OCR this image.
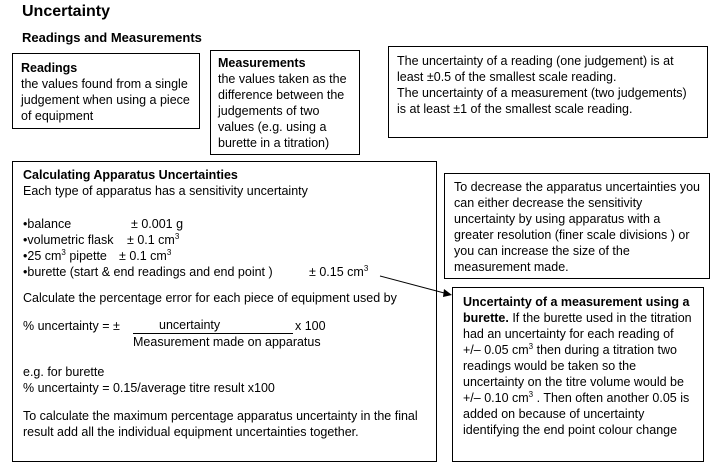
Uncertainty
Readings and Measurements

Readings

the values found from a single judgement when using a piece of equipment

Measurements

the values taken as the difference between the judgements of two values (e.g. using a burette in a titration)

The uncertainty of a reading (one judgement) is at least ±0.5 of the smallest scale reading.

The uncertainty of a measurement (two judgements) is at least ±1 of the smallest scale reading.

Calculating Apparatus Uncertainties

Each type of apparatus has a sensitivity uncertainty

•balance	± 0.001 g
•volumetric flask ± 0.1 $cm^3$
•25 $cm^3$ pipette ± 0.1 $cm^3$
•burette (start & end readings and end point )	± 0.15 $cm^3$

Calculate the percentage error for each piece of equipment used by

% uncertainty = ±	uncertainty	x 100
Measurement made on apparatus

e.g. for burette

% uncertainty = 0.15/average titre result x100

To calculate the maximum percentage apparatus uncertainty in the final result add all the individual equipment uncertainties together.

To decrease the apparatus uncertainties you can either decrease the sensitivity uncertainty by using apparatus with a greater resolution (finer scale divisions ) or you can increase the size of the measurement made.

Uncertainty of a measurement using a burette. If the burette used in the titration had an uncertainty for each reading of +/– 0.05 $cm^3$ then during a titration two readings would be taken so the uncertainty on the titre volume would be +/– 0.10 $cm^3$ . Then often another 0.05 is added on because of uncertainty identifying the end point colour change
